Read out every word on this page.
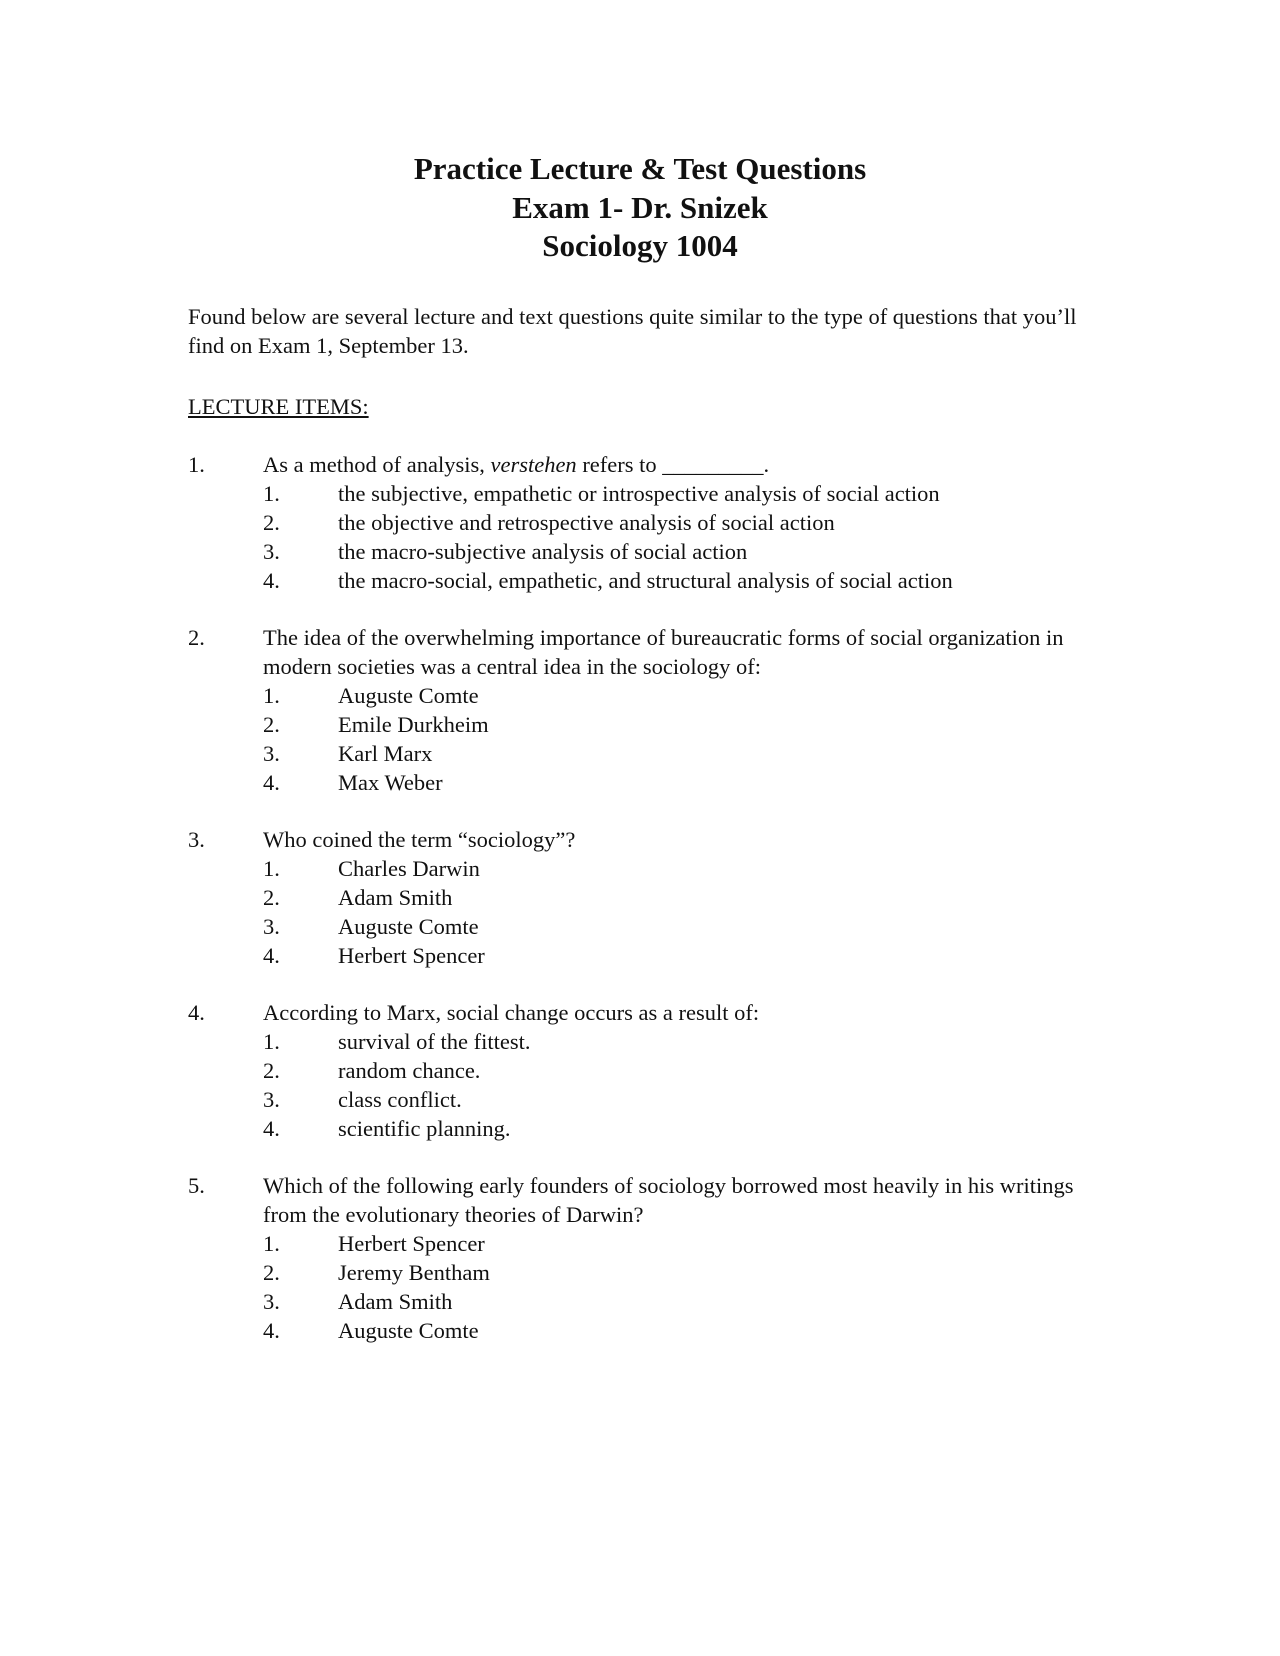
Practice Lecture & Test Questions
Exam 1- Dr. Snizek
Sociology 1004
Found below are several lecture and text questions quite similar to the type of questions that you’ll find on Exam 1, September 13.
LECTURE ITEMS:
1.	As a method of analysis, verstehen refers to _________.
1.	the subjective, empathetic or introspective analysis of social action
2.	the objective and retrospective analysis of social action
3.	the macro-subjective analysis of social action
4.	the macro-social, empathetic, and structural analysis of social action
2.	The idea of the overwhelming importance of bureaucratic forms of social organization in modern societies was a central idea in the sociology of:
1.	Auguste Comte
2.	Emile Durkheim
3.	Karl Marx
4.	Max Weber
3.	Who coined the term “sociology”?
1.	Charles Darwin
2.	Adam Smith
3.	Auguste Comte
4.	Herbert Spencer
4.	According to Marx, social change occurs as a result of:
1.	survival of the fittest.
2.	random chance.
3.	class conflict.
4.	scientific planning.
5.	Which of the following early founders of sociology borrowed most heavily in his writings from the evolutionary theories of Darwin?
1.	Herbert Spencer
2.	Jeremy Bentham
3.	Adam Smith
4.	Auguste Comte
